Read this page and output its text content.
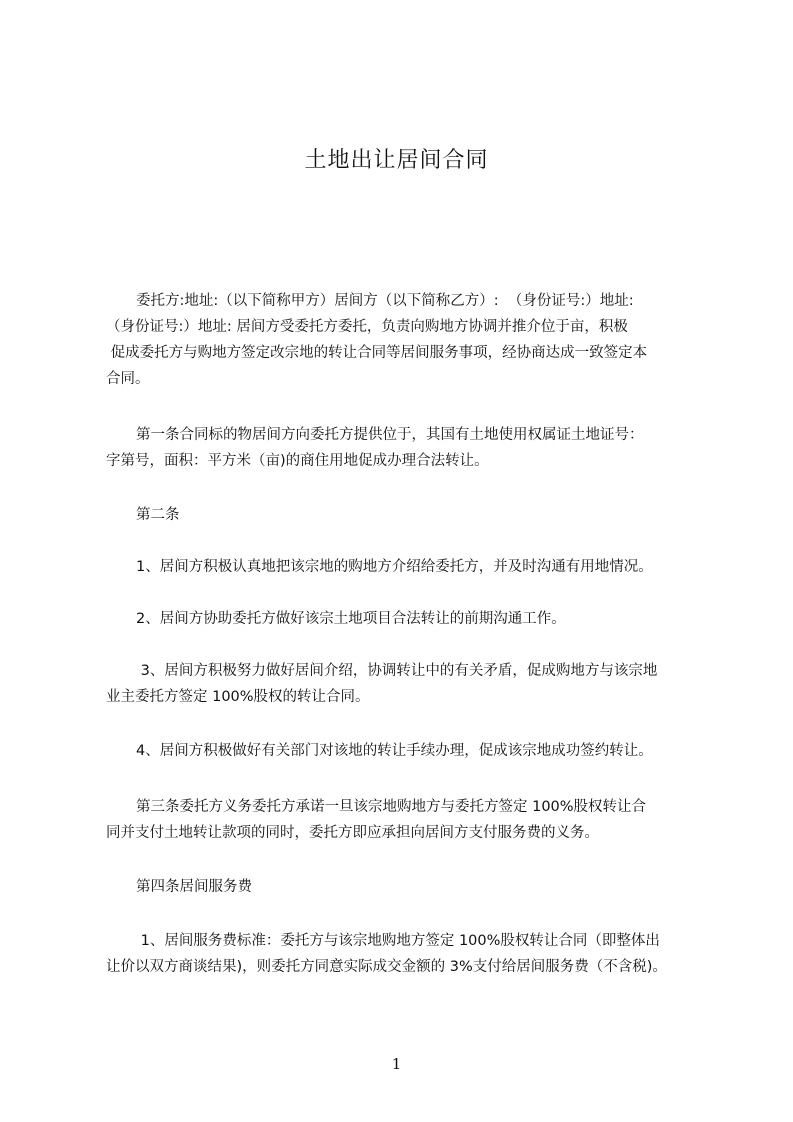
土地出让居间合同

委托方:地址:（以下简称甲方）居间方（以下简称乙方）:  （身份证号:）地址:
（身份证号:）地址: 居间方受委托方委托，负责向购地方协调并推介位于亩，积极
促成委托方与购地方签定改宗地的转让合同等居间服务事项，经协商达成一致签定本
合同。

第一条合同标的物居间方向委托方提供位于，其国有土地使用权属证土地证号：
字第号，面积：平方米（亩)的商住用地促成办理合法转让。

第二条

1、居间方积极认真地把该宗地的购地方介绍给委托方，并及时沟通有用地情况。

2、居间方协助委托方做好该宗土地项目合法转让的前期沟通工作。

3、居间方积极努力做好居间介绍，协调转让中的有关矛盾，促成购地方与该宗地
业主委托方签定 100%股权的转让合同。

4、居间方积极做好有关部门对该地的转让手续办理，促成该宗地成功签约转让。

第三条委托方义务委托方承诺一旦该宗地购地方与委托方签定 100%股权转让合
同并支付土地转让款项的同时，委托方即应承担向居间方支付服务费的义务。

第四条居间服务费

1、居间服务费标准：委托方与该宗地购地方签定 100%股权转让合同（即整体出
让价以双方商谈结果)，则委托方同意实际成交金额的 3%支付给居间服务费（不含税)。

1
